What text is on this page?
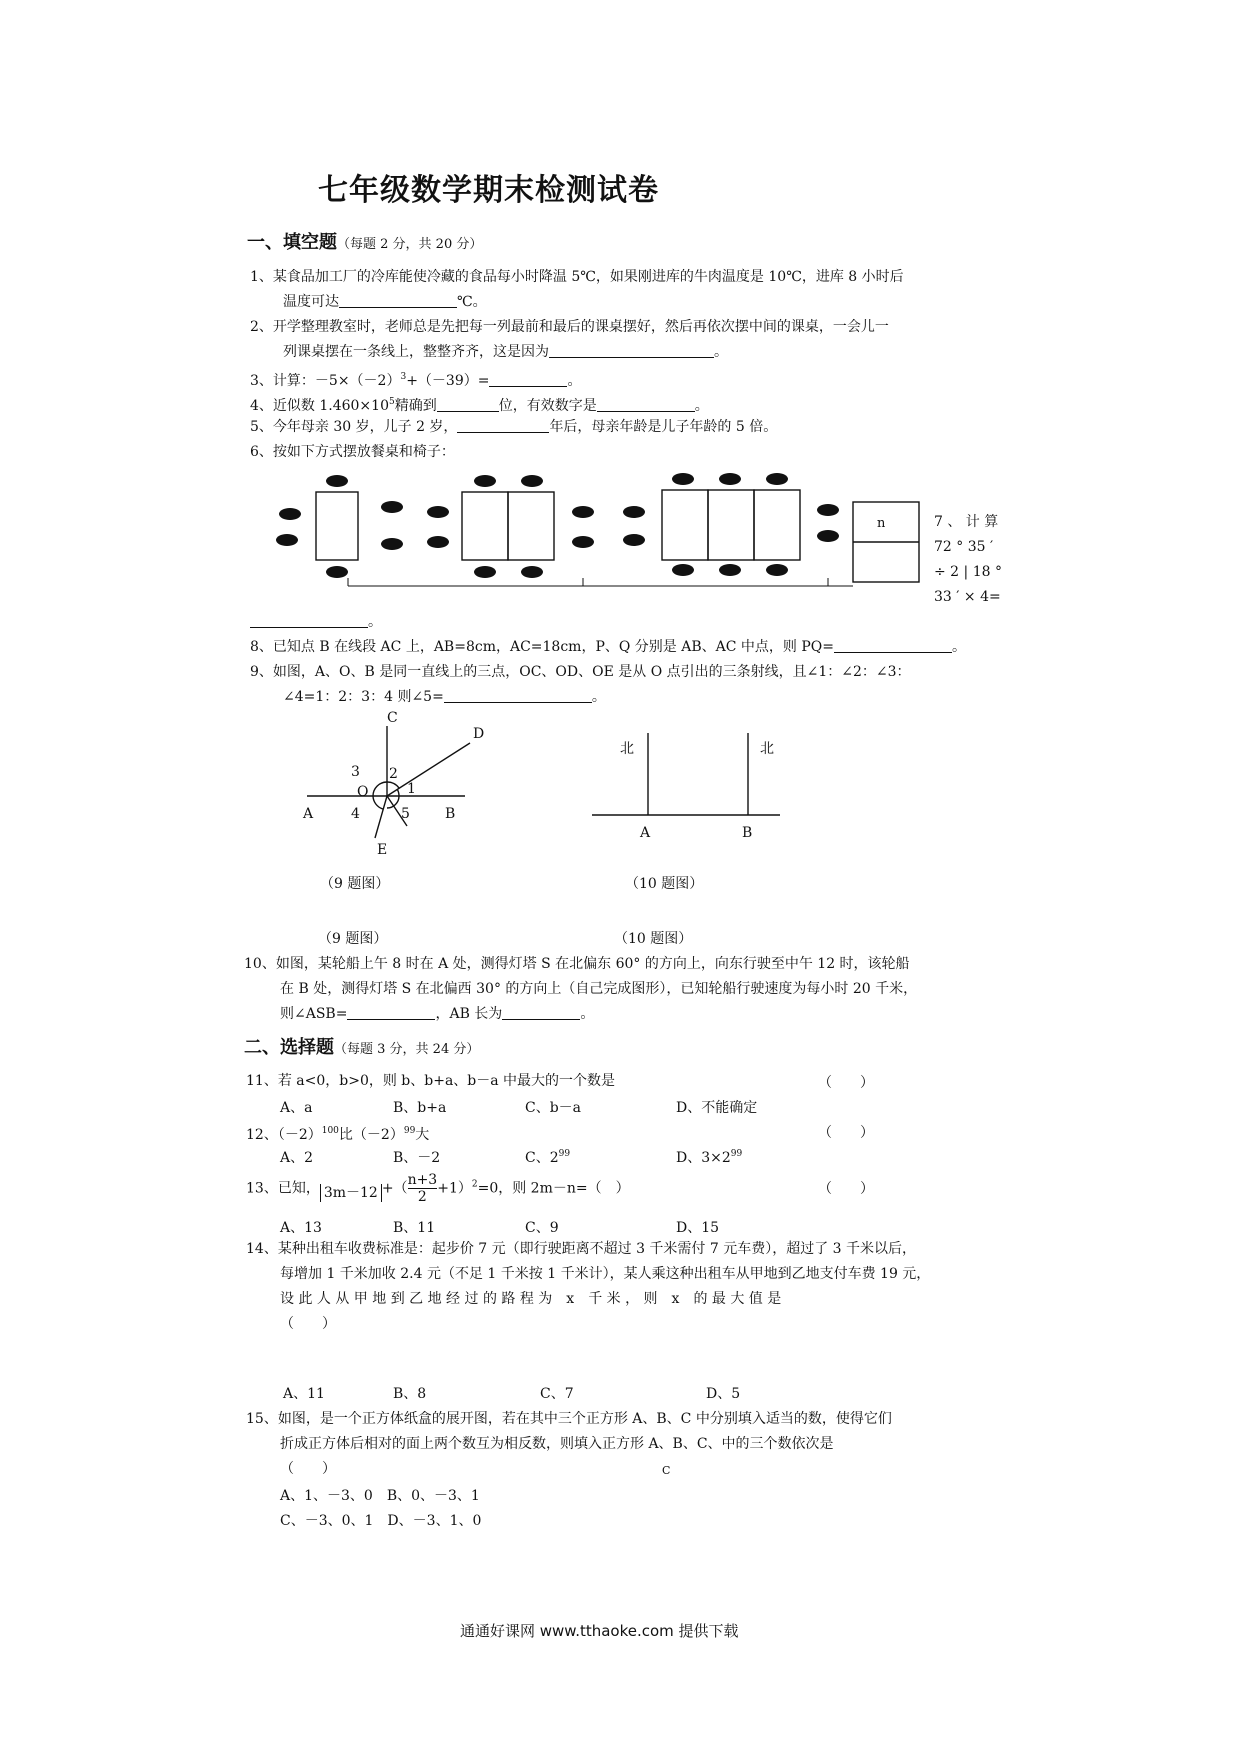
七年级数学期末检测试卷
一、填空题（每题 2 分，共 20 分）
1、某食品加工厂的冷库能使冷藏的食品每小时降温 5℃，如果刚进库的牛肉温度是 10℃，进库 8 小时后
温度可达	℃。
2、开学整理教室时，老师总是先把每一列最前和最后的课桌摆好，然后再依次摆中间的课桌，一会儿一
列课桌摆在一条线上，整整齐齐，这是因为	。
3、计算：$-5\times(-2)^3+(-39)=$	。
4、近似数 $1.460\times 10^5$精确到	位，有效数字是	。
5、今年母亲 30 岁，儿子 2 岁，	年后，母亲年龄是儿子年龄的 5 倍。
6、按如下方式摆放餐桌和椅子：
n	7 、 计 算
72 ° 35 ′
÷ 2 | 18 °
33 ′ × 4=
。
8、已知点 B 在线段 AC 上，AB=8cm，AC=18cm，P、Q 分别是 AB、AC 中点，则 PQ=	。
9、如图，A、O、B 是同一直线上的三点，OC、OD、OE 是从 O 点引出的三条射线，且∠1：∠2：∠3：
∠4=1：2：3：4 则∠5=	。
C
D
A	B
E
O	1
2
3
4	5
（9 题图）
北	北
A	B
（10 题图）
（9 题图）	（10 题图）
10、如图，某轮船上午 8 时在 A 处，测得灯塔 S 在北偏东 60° 的方向上，向东行驶至中午 12 时，该轮船
在 B 处，测得灯塔 S 在北偏西 30° 的方向上（自己完成图形），已知轮船行驶速度为每小时 20 千米，
则∠ASB=	，AB 长为	。
二、选择题（每题 3 分，共 24 分）
11、若 a<0，b>0，则 b、b+a、b－a 中最大的一个数是	（　　）
A、a	B、b+a	C、b－a	D、不能确定
12、$(-2)^{100}$比$(-2)^{99}$大	（　　）
A、2	B、－2	C、$2^{99}$	D、$3\times 2^{99}$
13、已知， 3m－12 +（ $\frac{n+3}{2} +1)^2=0$，则 2m－n=（　）	（　　）
A、13	B、11	C、9	D、15
14、某种出租车收费标准是：起步价 7 元（即行驶距离不超过 3 千米需付 7 元车费），超过了 3 千米以后，
每增加 1 千米加收 2.4 元（不足 1 千米按 1 千米计），某人乘这种出租车从甲地到乙地支付车费 19 元，
设 此 人 从 甲 地 到 乙 地 经 过 的 路 程 为　x　千 米 ， 则　x　的 最 大 值 是
（　　）
A、11	B、8	C、7	D、5
15、如图，是一个正方体纸盒的展开图，若在其中三个正方形 A、B、C 中分别填入适当的数，使得它们
折成正方体后相对的面上两个数互为相反数，则填入正方形 A、B、C、中的三个数依次是
（　　）	C
A、1、－3、0　B、0、－3、1
C、－3、0、1　D、－3、1、0
通通好课网 www.tthaoke.com 提供下载
